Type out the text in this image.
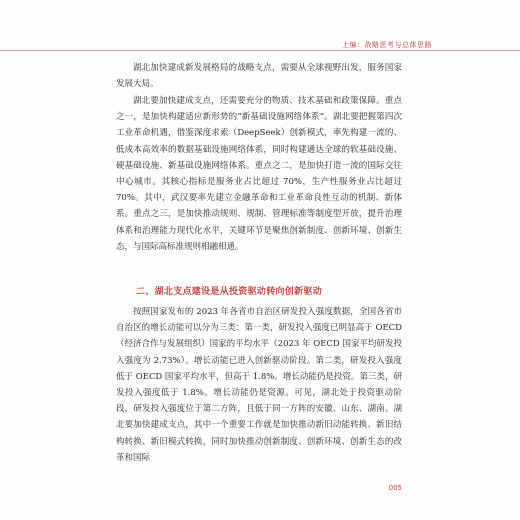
上编：战略思考与总体思路

湖北加快建成新发展格局的战略支点，需要从全球视野出发，服务国家发展大局。

湖北要加快建成支点，还需要充分的物质、技术基础和政策保障。重点之一，是加快构建适应新形势的“新基础设施网络体系”。湖北要把握第四次工业革命机遇，借鉴深度求索（DeepSeek）创新模式，率先构建一流的、低成本高效率的数据基础设施网络体系，同时构建通达全球的软基础设施、硬基础设施、新基础设施网络体系。重点之二，是加快打造一流的国际交往中心城市。其核心指标是服务业占比超过 70%，生产性服务业占比超过 70%。其中，武汉要率先建立金融革命和工业革命良性互动的机制、新体系。重点之三，是加快推动规则、规制、管理标准等制度型开放，提升治理体系和治理能力现代化水平，关键环节是聚焦创新制度、创新环境、创新生态，与国际高标准规则相融相通。

二、湖北支点建设是从投资驱动转向创新驱动

按照国家发布的 2023 年各省市自治区研发投入强度数据，全国各省市自治区的增长动能可以分为三类：第一类，研发投入强度已明显高于 OECD（经济合作与发展组织）国家的平均水平（2023 年 OECD 国家平均研发投入强度为 2.73%）。增长动能已进入创新驱动阶段。第二类，研发投入强度低于 OECD 国家平均水平，但高于 1.8%。增长动能仍是投资。第三类，研发投入强度低于 1.8%。增长动能仍是资源。可见，湖北处于投资驱动阶段，研发投入强度位于第二方阵，且低于同一方阵的安徽、山东、湖南。湖北要加快建成支点，其中一个重要工作就是加快推动新旧动能转换、新旧结构转换、新旧模式转换，同时加快推动创新制度、创新环境、创新生态的改革和国际

005
